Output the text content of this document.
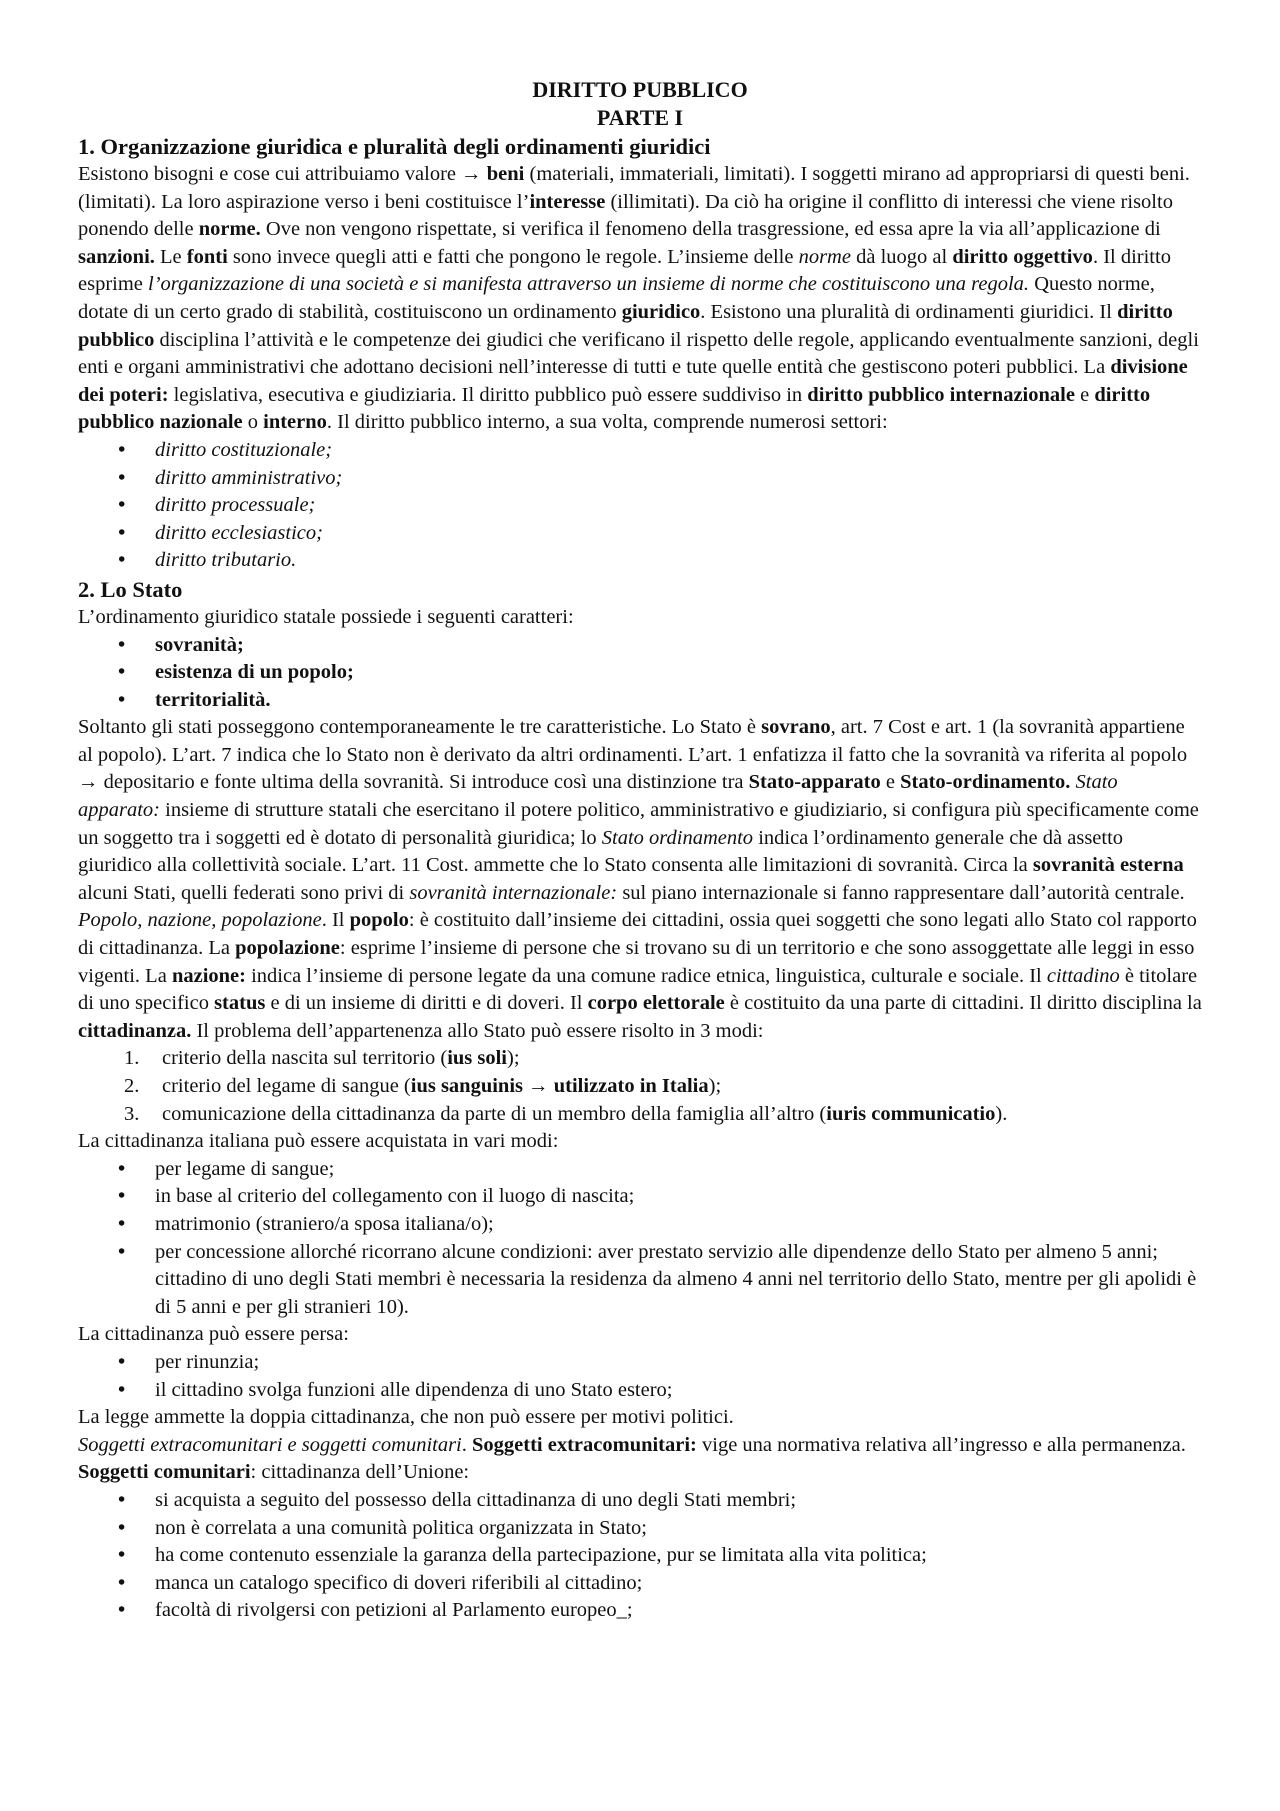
DIRITTO PUBBLICO

PARTE I

1. Organizzazione giuridica e pluralità degli ordinamenti giuridici

Esistono bisogni e cose cui attribuiamo valore → beni (materiali, immateriali, limitati). I soggetti mirano ad appropriarsi di questi beni. (limitati). La loro aspirazione verso i beni costituisce l’interesse (illimitati). Da ciò ha origine il conflitto di interessi che viene risolto ponendo delle norme. Ove non vengono rispettate, si verifica il fenomeno della trasgressione, ed essa apre la via all’applicazione di sanzioni. Le fonti sono invece quegli atti e fatti che pongono le regole. L’insieme delle norme dà luogo al diritto oggettivo. Il diritto esprime l’organizzazione di una società e si manifesta attraverso un insieme di norme che costituiscono una regola. Questo norme, dotate di un certo grado di stabilità, costituiscono un ordinamento giuridico. Esistono una pluralità di ordinamenti giuridici. Il diritto pubblico disciplina l’attività e le competenze dei giudici che verificano il rispetto delle regole, applicando eventualmente sanzioni, degli enti e organi amministrativi che adottano decisioni nell’interesse di tutti e tute quelle entità che gestiscono poteri pubblici. La divisione dei poteri: legislativa, esecutiva e giudiziaria. Il diritto pubblico può essere suddiviso in diritto pubblico internazionale e diritto pubblico nazionale o interno. Il diritto pubblico interno, a sua volta, comprende numerosi settori:

• diritto costituzionale;
• diritto amministrativo;
• diritto processuale;
• diritto ecclesiastico;
• diritto tributario.

2. Lo Stato

L’ordinamento giuridico statale possiede i seguenti caratteri:

• sovranità;
• esistenza di un popolo;
• territorialità.

Soltanto gli stati posseggono contemporaneamente le tre caratteristiche. Lo Stato è sovrano, art. 7 Cost e art. 1 (la sovranità appartiene al popolo). L’art. 7 indica che lo Stato non è derivato da altri ordinamenti. L’art. 1 enfatizza il fatto che la sovranità va riferita al popolo → depositario e fonte ultima della sovranità. Si introduce così una distinzione tra Stato-apparato e Stato-ordinamento. Stato apparato: insieme di strutture statali che esercitano il potere politico, amministrativo e giudiziario, si configura più specificamente come un soggetto tra i soggetti ed è dotato di personalità giuridica; lo Stato ordinamento indica l’ordinamento generale che dà assetto giuridico alla collettività sociale. L’art. 11 Cost. ammette che lo Stato consenta alle limitazioni di sovranità. Circa la sovranità esterna alcuni Stati, quelli federati sono privi di sovranità internazionale: sul piano internazionale si fanno rappresentare dall’autorità centrale. Popolo, nazione, popolazione. Il popolo: è costituito dall’insieme dei cittadini, ossia quei soggetti che sono legati allo Stato col rapporto di cittadinanza. La popolazione: esprime l’insieme di persone che si trovano su di un territorio e che sono assoggettate alle leggi in esso vigenti. La nazione: indica l’insieme di persone legate da una comune radice etnica, linguistica, culturale e sociale. Il cittadino è titolare di uno specifico status e di un insieme di diritti e di doveri. Il corpo elettorale è costituito da una parte di cittadini. Il diritto disciplina la cittadinanza. Il problema dell’appartenenza allo Stato può essere risolto in 3 modi:

1. criterio della nascita sul territorio (ius soli);
2. criterio del legame di sangue (ius sanguinis → utilizzato in Italia);
3. comunicazione della cittadinanza da parte di un membro della famiglia all’altro (iuris communicatio).

La cittadinanza italiana può essere acquistata in vari modi:

• per legame di sangue;
• in base al criterio del collegamento con il luogo di nascita;
• matrimonio (straniero/a sposa italiana/o);
• per concessione allorché ricorrano alcune condizioni: aver prestato servizio alle dipendenze dello Stato per almeno 5 anni; cittadino di uno degli Stati membri è necessaria la residenza da almeno 4 anni nel territorio dello Stato, mentre per gli apolidi è di 5 anni e per gli stranieri 10).

La cittadinanza può essere persa:

• per rinunzia;
• il cittadino svolga funzioni alle dipendenza di uno Stato estero;

La legge ammette la doppia cittadinanza, che non può essere per motivi politici.

Soggetti extracomunitari e soggetti comunitari. Soggetti extracomunitari: vige una normativa relativa all’ingresso e alla permanenza. Soggetti comunitari: cittadinanza dell’Unione:

• si acquista a seguito del possesso della cittadinanza di uno degli Stati membri;
• non è correlata a una comunità politica organizzata in Stato;
• ha come contenuto essenziale la garanza della partecipazione, pur se limitata alla vita politica;
• manca un catalogo specifico di doveri riferibili al cittadino;
• facoltà di rivolgersi con petizioni al Parlamento europeo_;
